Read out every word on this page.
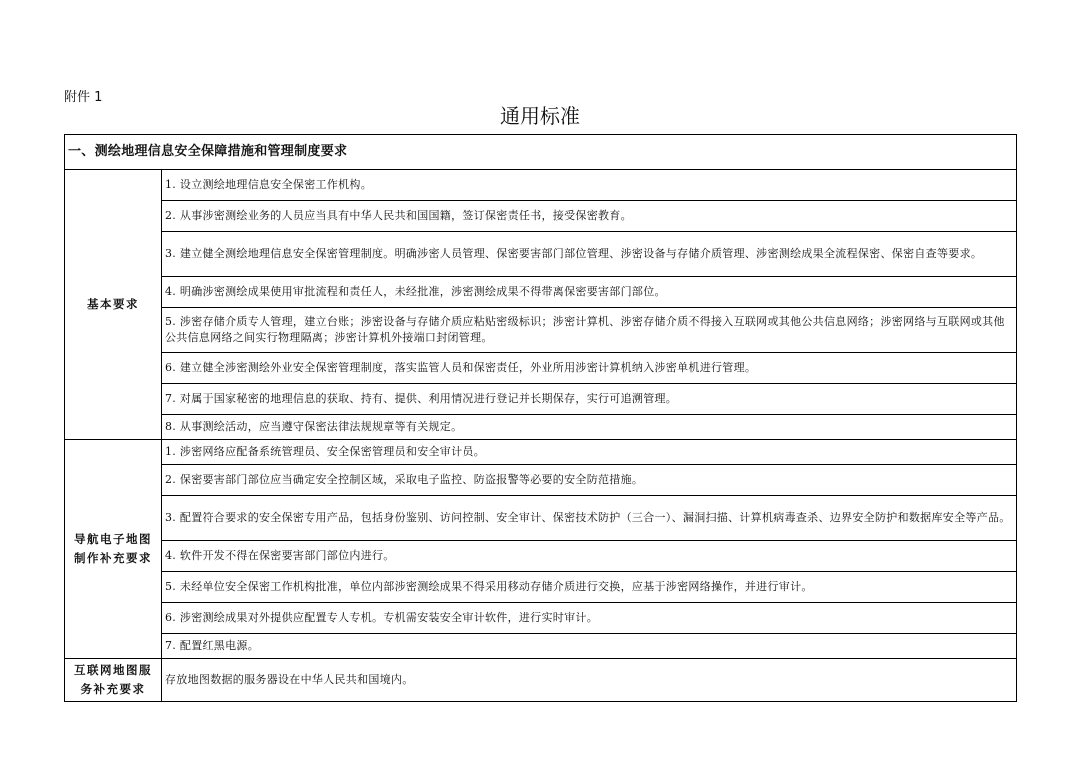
附件 1
通用标准
一、测绘地理信息安全保障措施和管理制度要求	
基本要求	1. 设立测绘地理信息安全保密工作机构。
	2. 从事涉密测绘业务的人员应当具有中华人民共和国国籍，签订保密责任书，接受保密教育。
	3. 建立健全测绘地理信息安全保密管理制度。明确涉密人员管理、保密要害部门部位管理、涉密设备与存储介质管理、涉密测绘成果全流程保密、保密自查等要求。
	4. 明确涉密测绘成果使用审批流程和责任人，未经批准，涉密测绘成果不得带离保密要害部门部位。
	5. 涉密存储介质专人管理，建立台账；涉密设备与存储介质应粘贴密级标识；涉密计算机、涉密存储介质不得接入互联网或其他公共信息网络；涉密网络与互联网或其他公共信息网络之间实行物理隔离；涉密计算机外接端口封闭管理。
	6. 建立健全涉密测绘外业安全保密管理制度，落实监管人员和保密责任，外业所用涉密计算机纳入涉密单机进行管理。
	7. 对属于国家秘密的地理信息的获取、持有、提供、利用情况进行登记并长期保存，实行可追溯管理。
	8. 从事测绘活动，应当遵守保密法律法规规章等有关规定。
导航电子地图制作补充要求	1. 涉密网络应配备系统管理员、安全保密管理员和安全审计员。
	2. 保密要害部门部位应当确定安全控制区域，采取电子监控、防盗报警等必要的安全防范措施。
	3. 配置符合要求的安全保密专用产品，包括身份鉴别、访问控制、安全审计、保密技术防护（三合一）、漏洞扫描、计算机病毒查杀、边界安全防护和数据库安全等产品。
	4. 软件开发不得在保密要害部门部位内进行。
	5. 未经单位安全保密工作机构批准，单位内部涉密测绘成果不得采用移动存储介质进行交换，应基于涉密网络操作，并进行审计。
	6. 涉密测绘成果对外提供应配置专人专机。专机需安装安全审计软件，进行实时审计。
	7. 配置红黑电源。
互联网地图服务补充要求	存放地图数据的服务器设在中华人民共和国境内。
